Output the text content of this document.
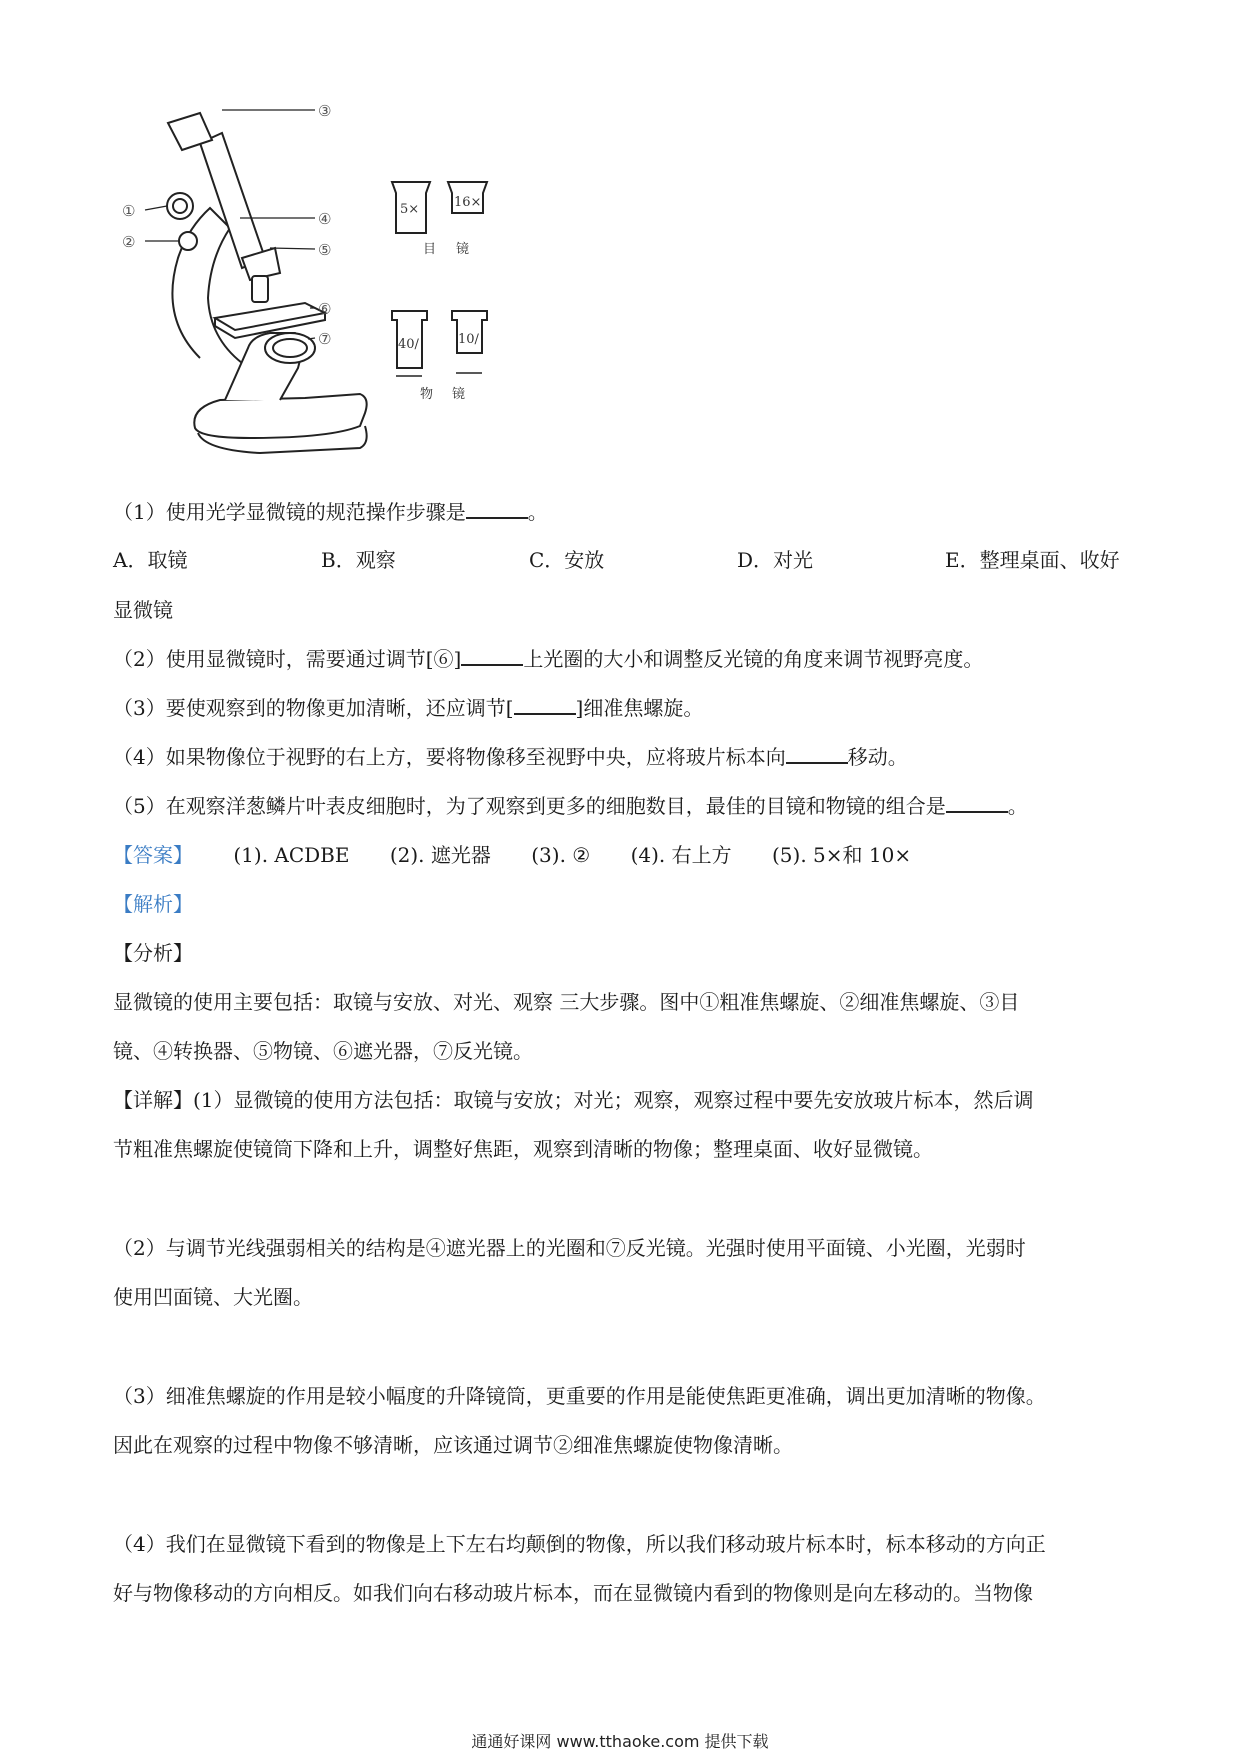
③
①
②
④
⑤
⑥
⑦
5×	16×
目 镜
40/	10/
物 镜
（1）使用光学显微镜的规范操作步骤是	。
A．取镜	B．观察	C．安放	D．对光	E．整理桌面、收好
显微镜
（2）使用显微镜时，需要通过调节[⑥]	上光圈的大小和调整反光镜的角度来调节视野亮度。
（3）要使观察到的物像更加清晰，还应调节[	]细准焦螺旋。
（4）如果物像位于视野的右上方，要将物像移至视野中央，应将玻片标本向	移动。
（5）在观察洋葱鳞片叶表皮细胞时，为了观察到更多的细胞数目，最佳的目镜和物镜的组合是	。
【答案】 (1). ACDBE (2). 遮光器 (3). ② (4). 右上方 (5). 5×和 10×
【解析】
【分析】
显微镜的使用主要包括：取镜与安放、对光、观察 三大步骤。图中①粗准焦螺旋、②细准焦螺旋、③目
镜、④转换器、⑤物镜、⑥遮光器，⑦反光镜。
【详解】(1）显微镜的使用方法包括：取镜与安放；对光；观察，观察过程中要先安放玻片标本，然后调
节粗准焦螺旋使镜筒下降和上升，调整好焦距，观察到清晰的物像；整理桌面、收好显微镜。
（2）与调节光线强弱相关的结构是④遮光器上的光圈和⑦反光镜。光强时使用平面镜、小光圈，光弱时
使用凹面镜、大光圈。
（3）细准焦螺旋的作用是较小幅度的升降镜筒，更重要的作用是能使焦距更准确，调出更加清晰的物像。
因此在观察的过程中物像不够清晰，应该通过调节②细准焦螺旋使物像清晰。
（4）我们在显微镜下看到的物像是上下左右均颠倒的物像，所以我们移动玻片标本时，标本移动的方向正
好与物像移动的方向相反。如我们向右移动玻片标本，而在显微镜内看到的物像则是向左移动的。当物像
通通好课网 www.tthaoke.com 提供下载
